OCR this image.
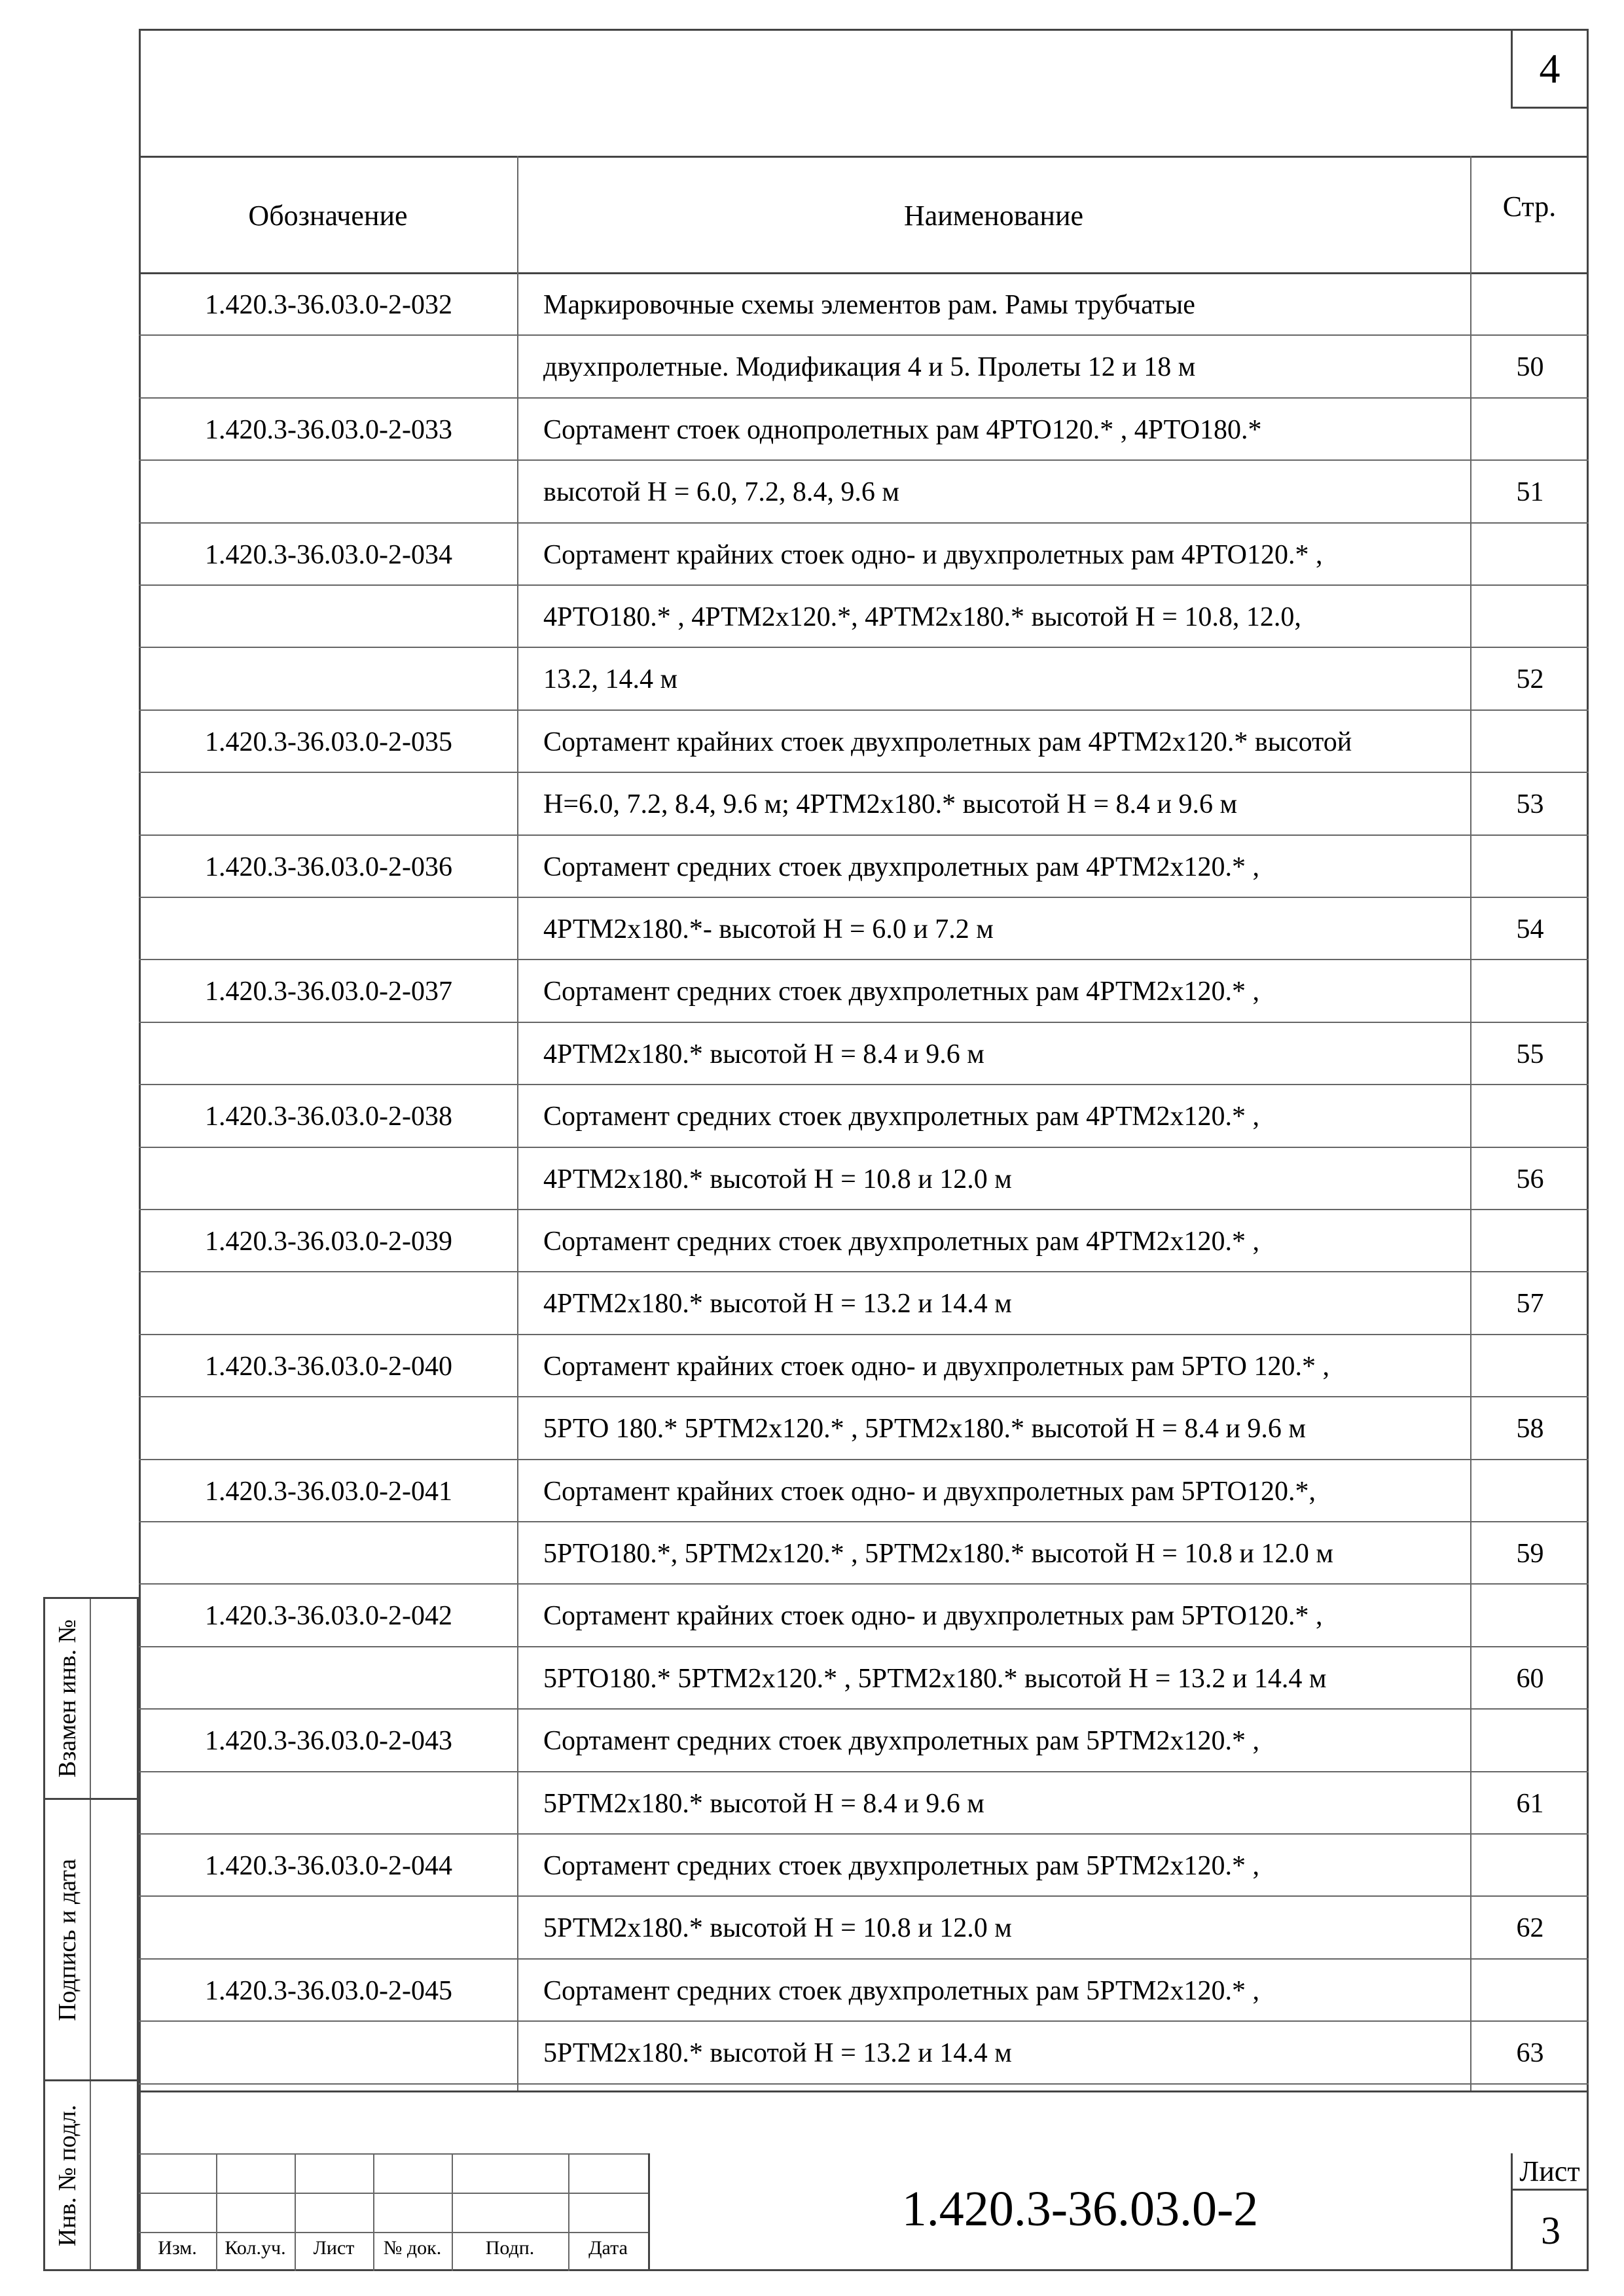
4
Обозначение	Наименование	Стр.
1.420.3-36.03.0-2-032	Маркировочные схемы элементов рам. Рамы трубчатые
двухпролетные. Модификация 4 и 5. Пролеты 12 и 18 м	50
1.420.3-36.03.0-2-033	Сортамент стоек однопролетных рам 4РТО120.* , 4РТО180.*
высотой Н = 6.0, 7.2, 8.4, 9.6 м	51
1.420.3-36.03.0-2-034	Сортамент крайних стоек одно- и двухпролетных рам 4РТО120.* ,
4РТО180.* , 4РТМ2х120.*, 4РТМ2х180.* высотой Н = 10.8, 12.0,
13.2, 14.4 м	52
1.420.3-36.03.0-2-035	Сортамент крайних стоек двухпролетных рам 4РТМ2х120.* высотой
Н=6.0, 7.2, 8.4, 9.6 м; 4РТМ2х180.* высотой Н = 8.4 и 9.6 м	53
1.420.3-36.03.0-2-036	Сортамент средних стоек двухпролетных рам 4РТМ2х120.* ,
4РТМ2х180.*- высотой Н = 6.0 и 7.2 м	54
1.420.3-36.03.0-2-037	Сортамент средних стоек двухпролетных рам 4РТМ2х120.* ,
4РТМ2х180.* высотой Н = 8.4 и 9.6 м	55
1.420.3-36.03.0-2-038	Сортамент средних стоек двухпролетных рам 4РТМ2х120.* ,
4РТМ2х180.* высотой Н = 10.8 и 12.0 м	56
1.420.3-36.03.0-2-039	Сортамент средних стоек двухпролетных рам 4РТМ2х120.* ,
4РТМ2х180.* высотой Н = 13.2 и 14.4 м	57
1.420.3-36.03.0-2-040	Сортамент крайних стоек одно- и двухпролетных рам 5РТО 120.* ,
5РТО 180.* 5РТМ2х120.* , 5РТМ2х180.* высотой Н = 8.4 и 9.6 м	58
1.420.3-36.03.0-2-041	Сортамент крайних стоек одно- и двухпролетных рам 5РТО120.*,
5РТО180.*, 5РТМ2х120.* , 5РТМ2х180.* высотой Н = 10.8 и 12.0 м	59
1.420.3-36.03.0-2-042	Сортамент крайних стоек одно- и двухпролетных рам 5РТО120.* ,
5РТО180.* 5РТМ2х120.* , 5РТМ2х180.* высотой Н = 13.2 и 14.4 м	60
1.420.3-36.03.0-2-043	Сортамент средних стоек двухпролетных рам 5РТМ2х120.* ,
5РТМ2х180.* высотой Н = 8.4 и 9.6 м	61
1.420.3-36.03.0-2-044	Сортамент средних стоек двухпролетных рам 5РТМ2х120.* ,
5РТМ2х180.* высотой Н = 10.8 и 12.0 м	62
1.420.3-36.03.0-2-045	Сортамент средних стоек двухпролетных рам 5РТМ2х120.* ,
5РТМ2х180.* высотой Н = 13.2 и 14.4 м	63
Взамен инв. №
Подпись и дата
Инв. № подл.
Изм.	Кол.уч.	Лист	№ док.	Подп.	Дата
1.420.3-36.03.0-2
Лист
3
